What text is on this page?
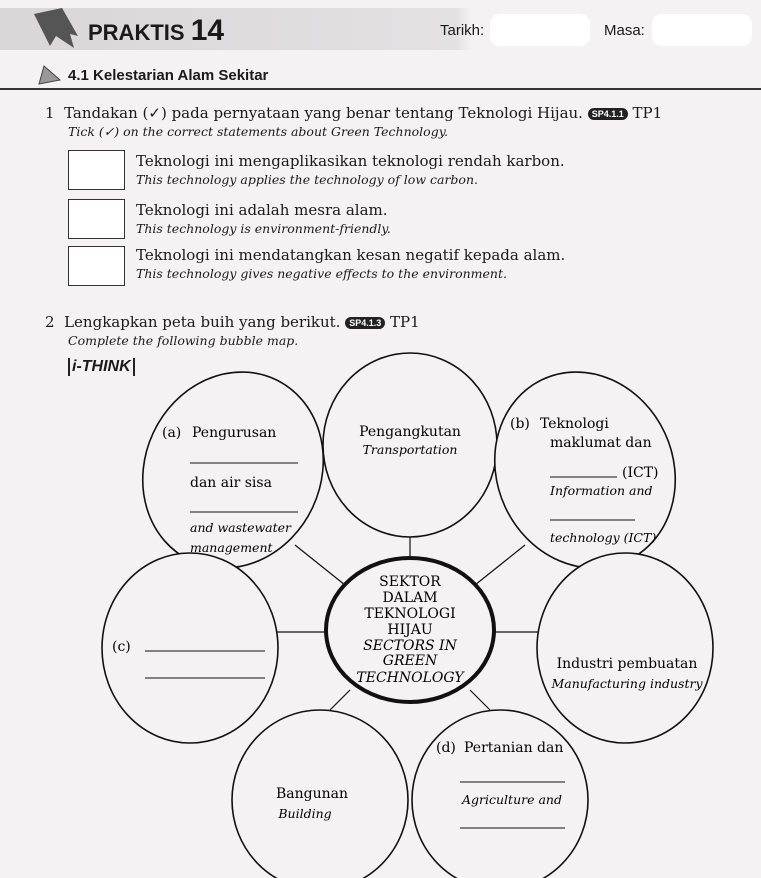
PRAKTIS 14	Tarikh:	Masa:
4.1 Kelestarian Alam Sekitar
1 Tandakan (✓) pada pernyataan yang benar tentang Teknologi Hijau. SP4.1.1 TP1
Tick (✓) on the correct statements about Green Technology.
Teknologi ini mengaplikasikan teknologi rendah karbon.
This technology applies the technology of low carbon.
Teknologi ini adalah mesra alam.
This technology is environment-friendly.
Teknologi ini mendatangkan kesan negatif kepada alam.
This technology gives negative effects to the environment.
2 Lengkapkan peta buih yang berikut. SP4.1.3 TP1
Complete the following bubble map.
i-THINK
SEKTOR
DALAM
TEKNOLOGI
HIJAU
SECTORS IN
GREEN
TECHNOLOGY
Pengangkutan
Transportation
Industri pembuatan
Manufacturing industry
Bangunan
Building
(a) Pengurusan
dan air sisa
and wastewater
management
(b) Teknologi
maklumat dan
(ICT)
Information and
technology (ICT)
(c)
(d) Pertanian dan
Agriculture and
